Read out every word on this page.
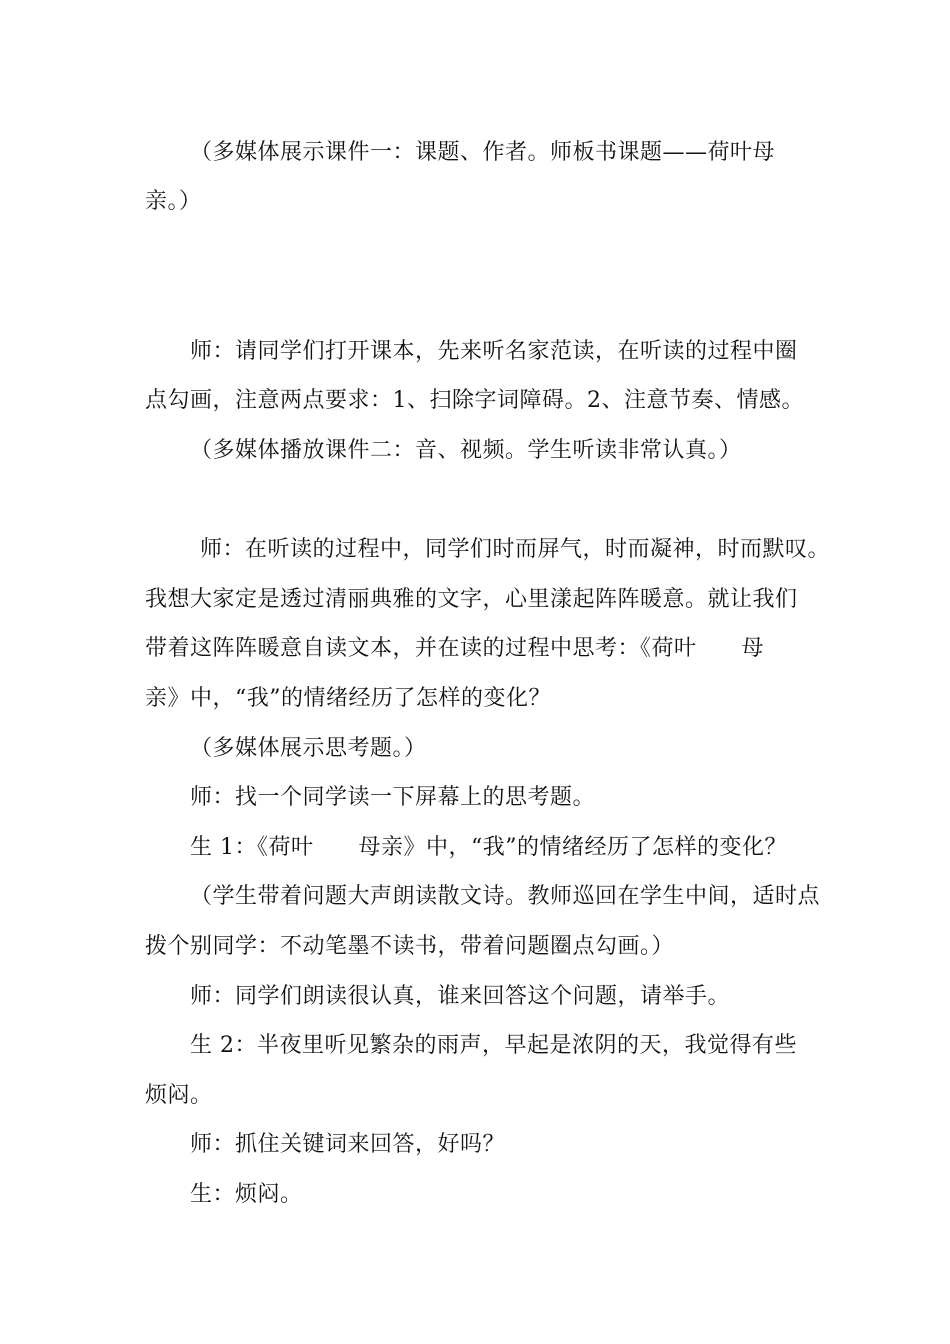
（多媒体展示课件一：课题、作者。师板书课题——荷叶母
亲。）
师：请同学们打开课本，先来听名家范读，在听读的过程中圈
点勾画，注意两点要求：1、扫除字词障碍。2、注意节奏、情感。
（多媒体播放课件二：音、视频。学生听读非常认真。）
师：在听读的过程中，同学们时而屏气，时而凝神，时而默叹。
我想大家定是透过清丽典雅的文字，心里漾起阵阵暖意。就让我们
带着这阵阵暖意自读文本，并在读的过程中思考：《荷叶　　母
亲》中，“我”的情绪经历了怎样的变化？
（多媒体展示思考题。）
师：找一个同学读一下屏幕上的思考题。
生 1：《荷叶　　母亲》中，“我”的情绪经历了怎样的变化？
（学生带着问题大声朗读散文诗。教师巡回在学生中间，适时点
拨个别同学：不动笔墨不读书，带着问题圈点勾画。）
师：同学们朗读很认真，谁来回答这个问题，请举手。
生 2：半夜里听见繁杂的雨声，早起是浓阴的天，我觉得有些
烦闷。
师：抓住关键词来回答，好吗？
生：烦闷。
